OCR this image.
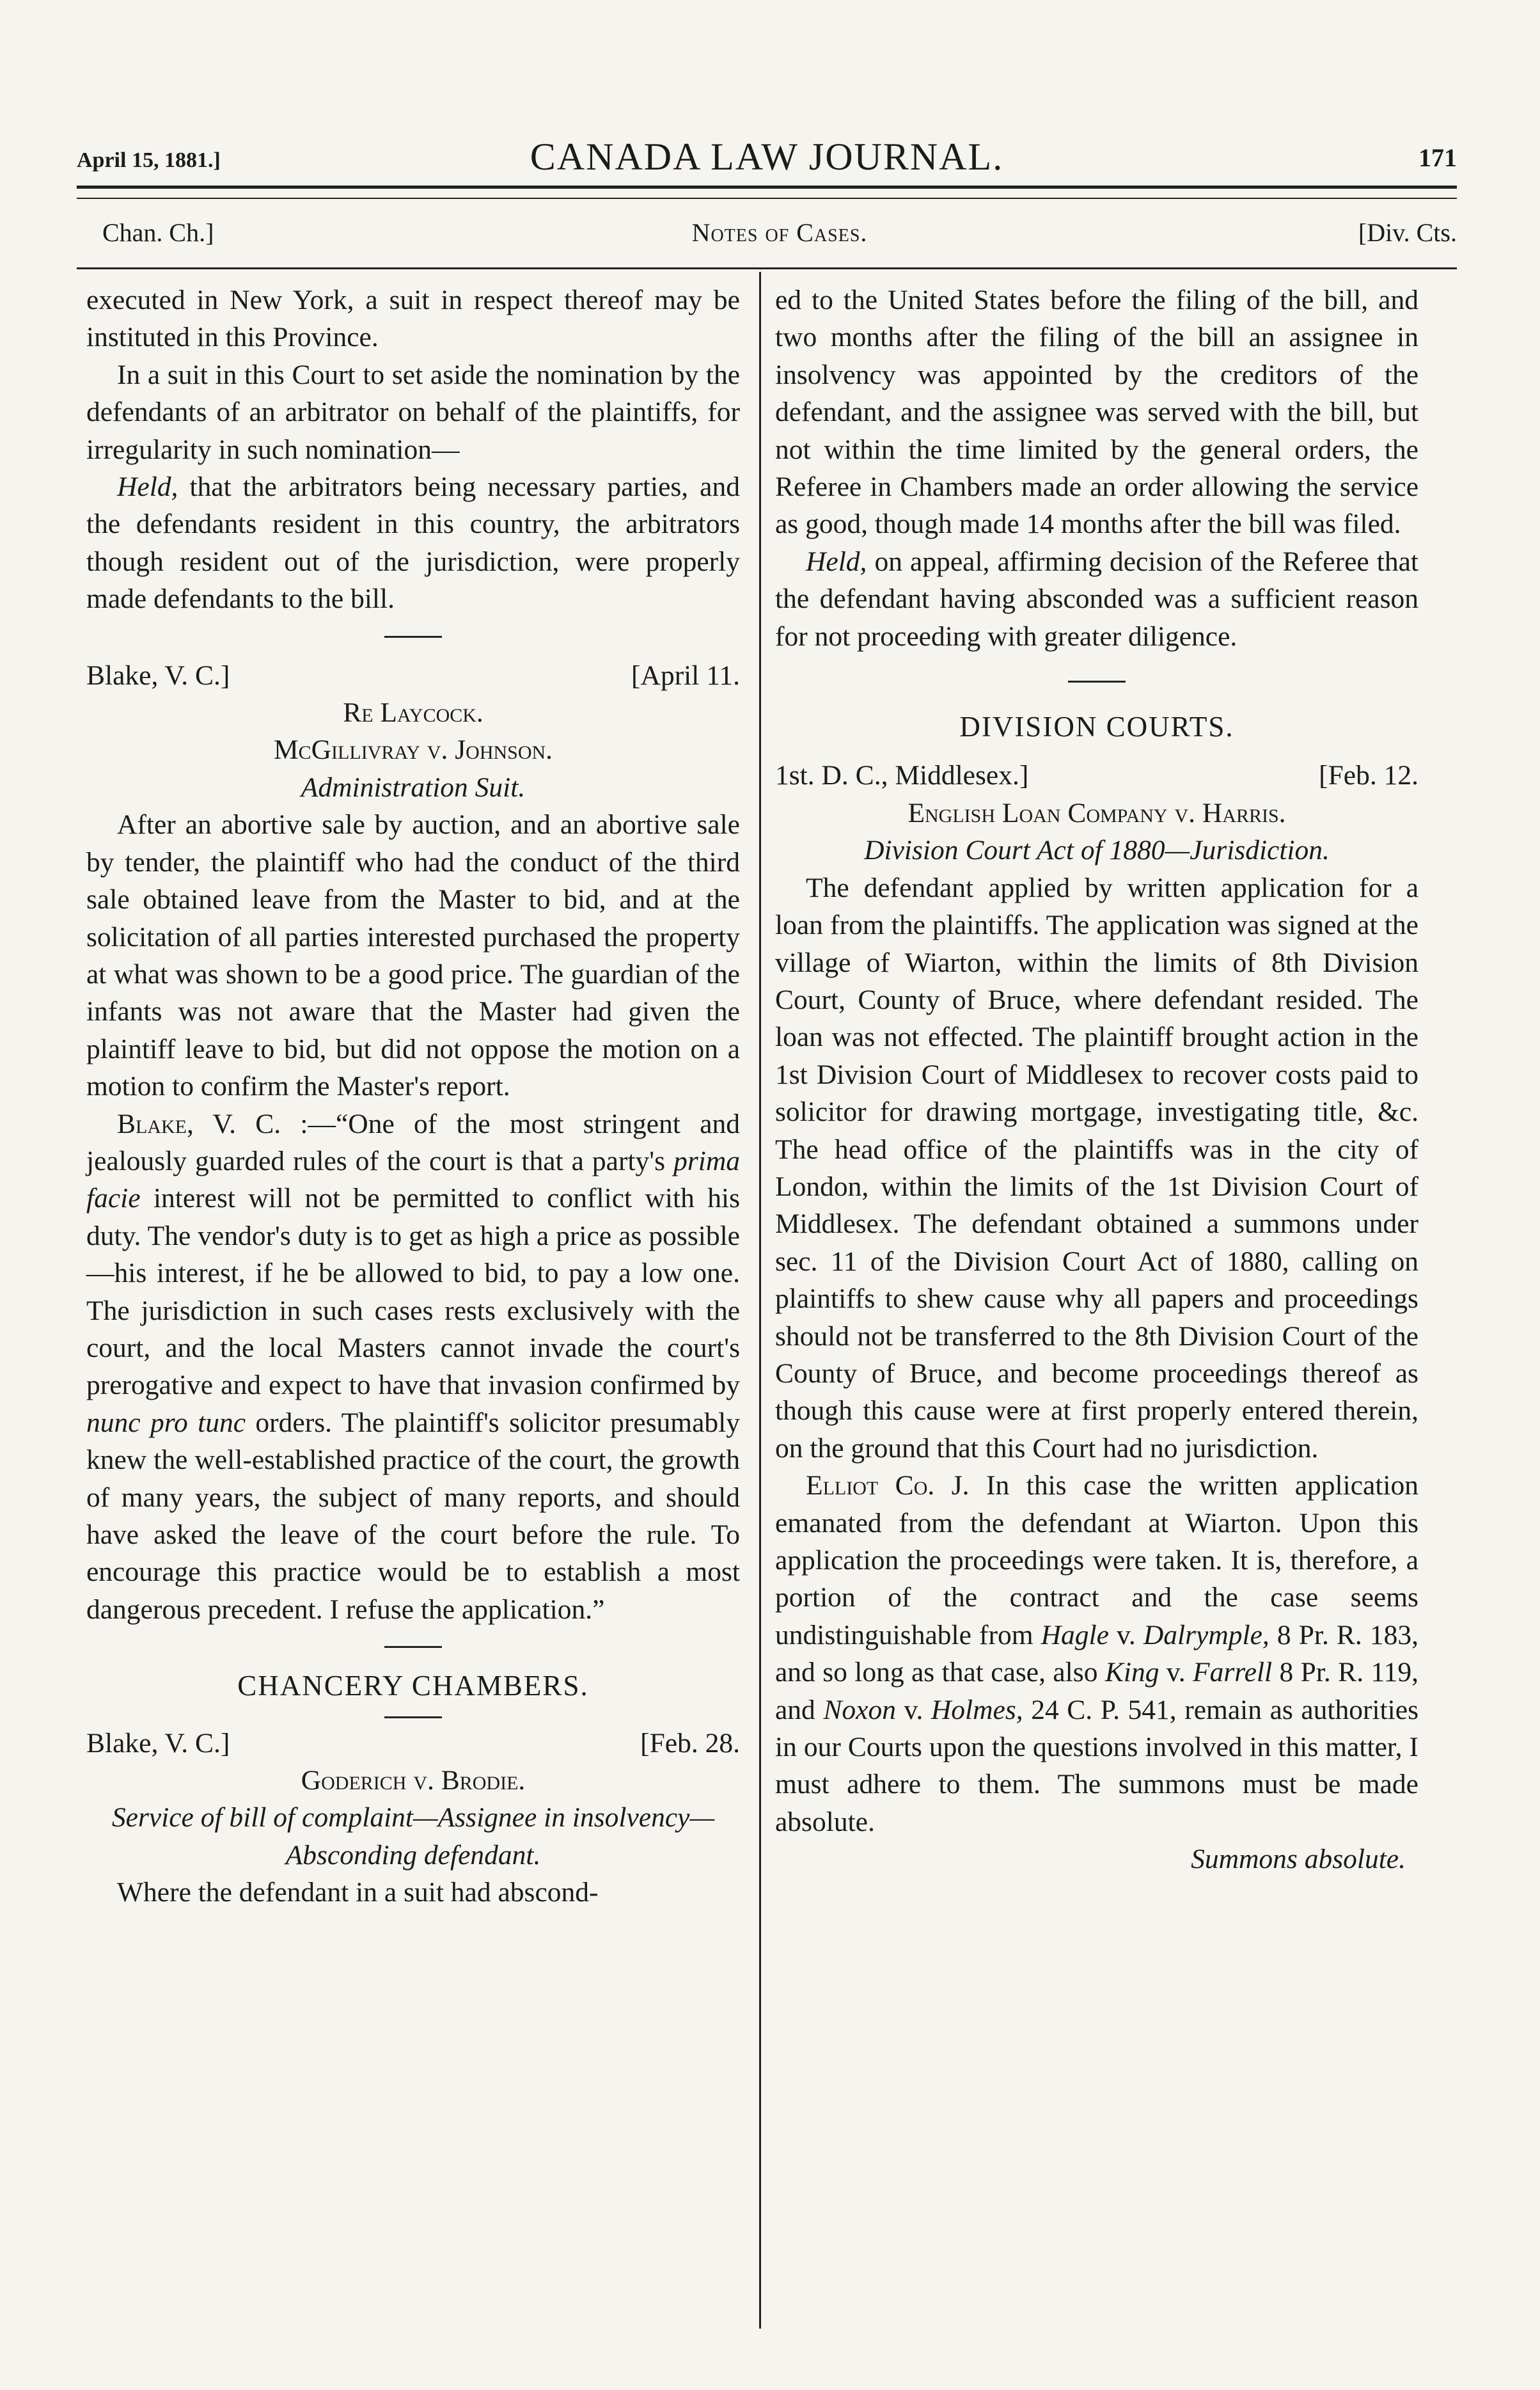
April 15, 1881.]	CANADA LAW JOURNAL.	171
Chan. Ch.]	Notes of Cases.	[Div. Cts.

executed in New York, a suit in respect thereof may be instituted in this Province.

In a suit in this Court to set aside the nomination by the defendants of an arbitrator on behalf of the plaintiffs, for irregularity in such nomination—

Held, that the arbitrators being necessary parties, and the defendants resident in this country, the arbitrators though resident out of the jurisdiction, were properly made defendants to the bill.

Blake, V. C.]	[April 11.
Re Laycock.
McGillivray v. Johnson.
Administration Suit.

After an abortive sale by auction, and an abortive sale by tender, the plaintiff who had the conduct of the third sale obtained leave from the Master to bid, and at the solicitation of all parties interested purchased the property at what was shown to be a good price. The guardian of the infants was not aware that the Master had given the plaintiff leave to bid, but did not oppose the motion on a motion to confirm the Master's report.

Blake, V. C. :—“One of the most stringent and jealously guarded rules of the court is that a party's prima facie interest will not be permitted to conflict with his duty. The vendor's duty is to get as high a price as possible—his interest, if he be allowed to bid, to pay a low one. The jurisdiction in such cases rests exclusively with the court, and the local Masters cannot invade the court's prerogative and expect to have that invasion confirmed by nunc pro tunc orders. The plaintiff's solicitor presumably knew the well-established practice of the court, the growth of many years, the subject of many reports, and should have asked the leave of the court before the rule. To encourage this practice would be to establish a most dangerous precedent. I refuse the application.”

CHANCERY CHAMBERS.
Blake, V. C.]	[Feb. 28.
Goderich v. Brodie.
Service of bill of complaint—Assignee in insolvency—Absconding defendant.

Where the defendant in a suit had abscond-

ed to the United States before the filing of the bill, and two months after the filing of the bill an assignee in insolvency was appointed by the creditors of the defendant, and the assignee was served with the bill, but not within the time limited by the general orders, the Referee in Chambers made an order allowing the service as good, though made 14 months after the bill was filed.

Held, on appeal, affirming decision of the Referee that the defendant having absconded was a sufficient reason for not proceeding with greater diligence.

DIVISION COURTS.
1st. D. C., Middlesex.]	[Feb. 12.
English Loan Company v. Harris.
Division Court Act of 1880—Jurisdiction.

The defendant applied by written application for a loan from the plaintiffs. The application was signed at the village of Wiarton, within the limits of 8th Division Court, County of Bruce, where defendant resided. The loan was not effected. The plaintiff brought action in the 1st Division Court of Middlesex to recover costs paid to solicitor for drawing mortgage, investigating title, &c. The head office of the plaintiffs was in the city of London, within the limits of the 1st Division Court of Middlesex. The defendant obtained a summons under sec. 11 of the Division Court Act of 1880, calling on plaintiffs to shew cause why all papers and proceedings should not be transferred to the 8th Division Court of the County of Bruce, and become proceedings thereof as though this cause were at first properly entered therein, on the ground that this Court had no jurisdiction.

Elliot Co. J. In this case the written application emanated from the defendant at Wiarton. Upon this application the proceedings were taken. It is, therefore, a portion of the contract and the case seems undistinguishable from Hagle v. Dalrymple, 8 Pr. R. 183, and so long as that case, also King v. Farrell 8 Pr. R. 119, and Noxon v. Holmes, 24 C. P. 541, remain as authorities in our Courts upon the questions involved in this matter, I must adhere to them. The summons must be made absolute.

Summons absolute.
